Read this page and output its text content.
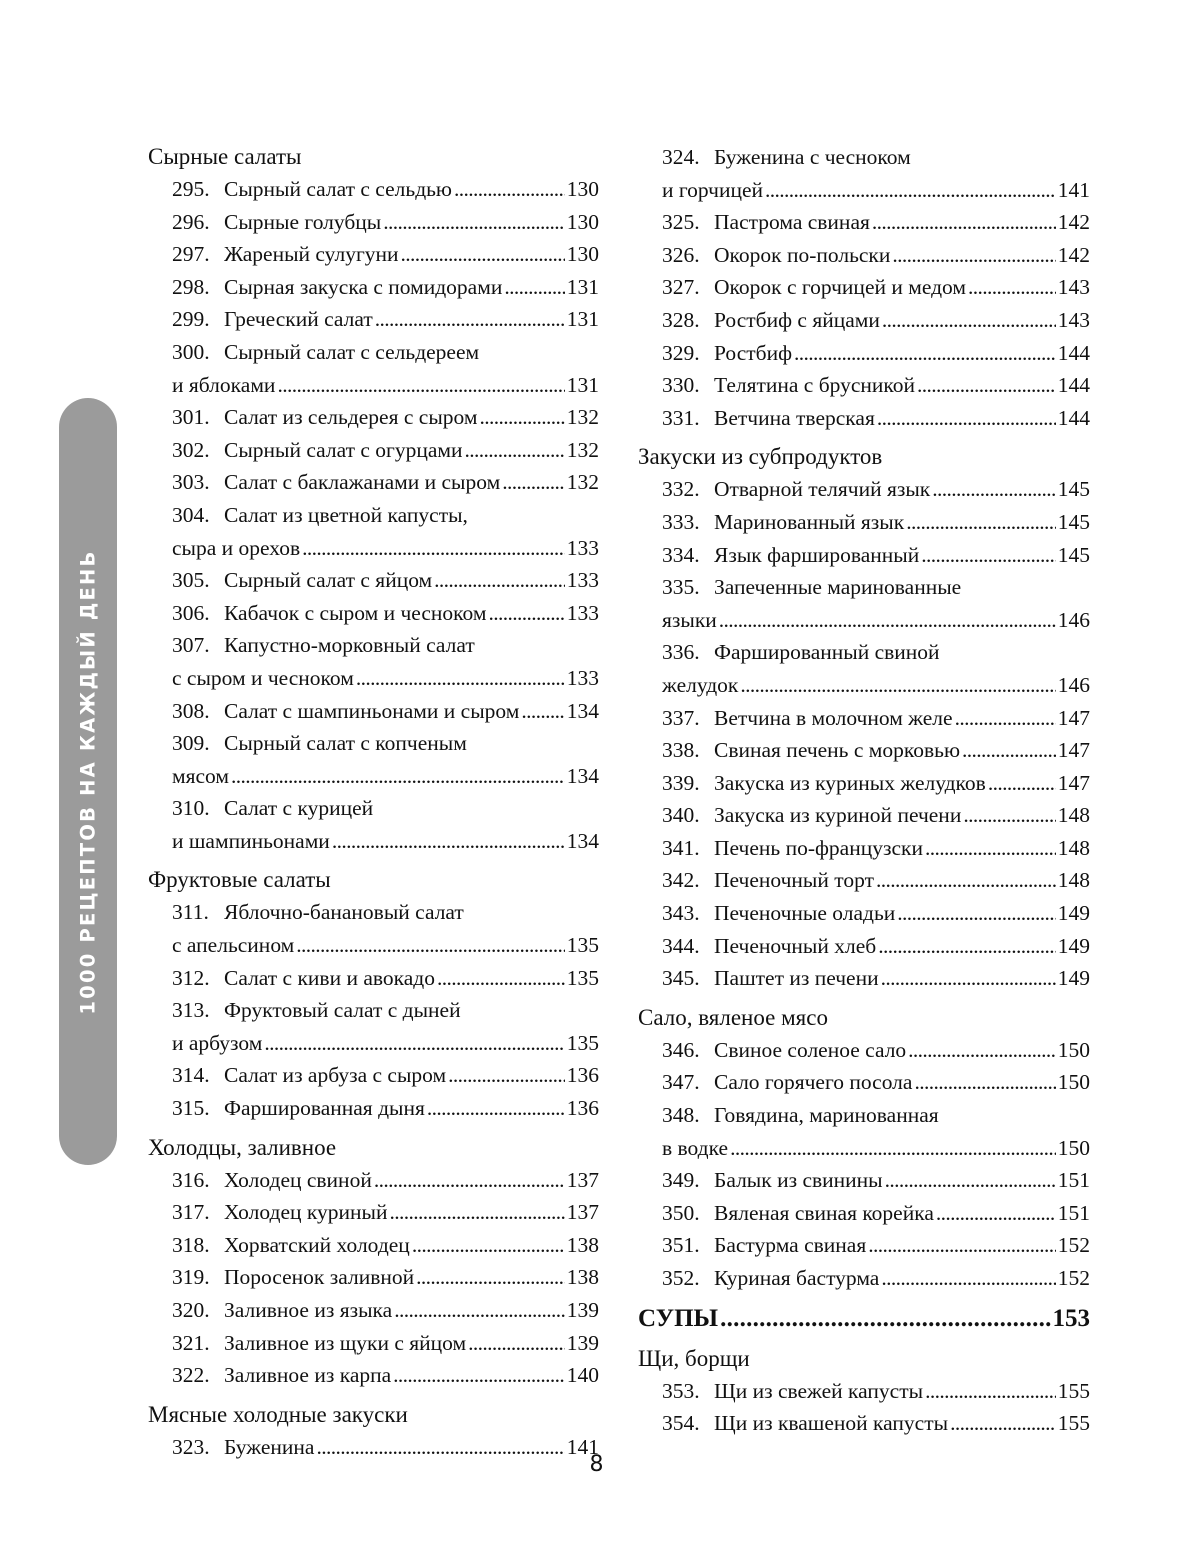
1000 РЕЦЕПТОВ НА КАЖДЫЙ ДЕНЬ
Сырные салаты
295. Сырный салат с сельдью . . .	130
296. Сырные голубцы . . .	130
297. Жареный сулугуни . . .	130
298. Сырная закуска с помидорами . . .	131
299. Греческий салат . . .	131
300. Сырный салат с сельдереем
и яблоками . . .	131
301. Салат из сельдерея с сыром . . .	132
302. Сырный салат с огурцами . . .	132
303. Салат с баклажанами и сыром . . .	132
304. Салат из цветной капусты,
сыра и орехов . . .	133
305. Сырный салат с яйцом . . .	133
306. Кабачок с сыром и чесноком . . .	133
307. Капустно-морковный салат
с сыром и чесноком . . .	133
308. Салат с шампиньонами и сыром . . . 134
309. Сырный салат с копченым
мясом . . .	134
310. Салат с курицей
и шампиньонами . . .	134
Фруктовые салаты
311. Яблочно-банановый салат
с апельсином . . .	135
312. Салат с киви и авокадо . . .	135
313. Фруктовый салат с дыней
и арбузом . . .	135
314. Салат из арбуза с сыром . . .	136
315. Фаршированная дыня . . .	136
Холодцы, заливное
316. Холодец свиной . . .	137
317. Холодец куриный . . .	137
318. Хорватский холодец . . .	138
319. Поросенок заливной . . .	138
320. Заливное из языка . . .	139
321. Заливное из щуки с яйцом . . .	139
322. Заливное из карпа . . .	140
Мясные холодные закуски
323. Буженина . . .	141
324. Буженина с чесноком
и горчицей . . .	141
325. Пастрома свиная . . .	142
326. Окорок по-польски . . .	142
327. Окорок с горчицей и медом . . .	143
328. Ростбиф с яйцами . . .	143
329. Ростбиф . . .	144
330. Телятина с брусникой . . .	144
331. Ветчина тверская . . .	144
Закуски из субпродуктов
332. Отварной телячий язык . . .	145
333. Маринованный язык . . .	145
334. Язык фаршированный . . .	145
335. Запеченные маринованные
языки . . .	146
336. Фаршированный свиной
желудок . . .	146
337. Ветчина в молочном желе . . .	147
338. Свиная печень с морковью . . .	147
339. Закуска из куриных желудков . . .	147
340. Закуска из куриной печени . . .	148
341. Печень по-французски . . .	148
342. Печеночный торт . . .	148
343. Печеночные оладьи . . .	149
344. Печеночный хлеб . . .	149
345. Паштет из печени . . .	149
Сало, вяленое мясо
346. Свиное соленое сало . . .	150
347. Сало горячего посола . . .	150
348. Говядина, маринованная
в водке . . .	150
349. Балык из свинины . . .	151
350. Вяленая свиная корейка . . .	151
351. Бастурма свиная . . .	152
352. Куриная бастурма . . .	152
СУПЫ . . .	153
Щи, борщи
353. Щи из свежей капусты . . .	155
354. Щи из квашеной капусты . . .	155
8
